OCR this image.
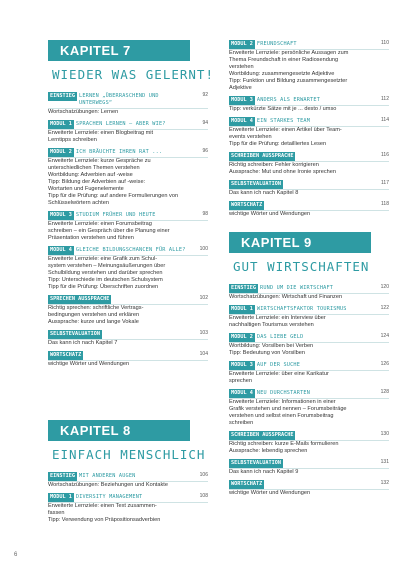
KAPITEL 7
WIEDER WAS GELERNT!
EINSTIEG LERNEN „ÜBERRASCHEND UND UNTERWEGS“
92
Wortschatzübungen: Lernen
MODUL 1 SPRACHEN LERNEN – ABER WIE?	94
Erweiterte Lernziele: einen Blogbeitrag mit
Lerntipps schreiben
MODUL 2 ICH BRÄUCHTE IHREN RAT ...	96
Erweiterte Lernziele: kurze Gespräche zu
unterschiedlichen Themen verstehen
Wortbildung: Adverbien auf -weise
Tipp: Bildung der Adverbien auf -weise:
Wortarten und Fugenelemente
Tipp für die Prüfung: auf andere Formulierungen von
Schlüsselwörtern achten
MODUL 3 STUDIUM FRÜHER UND HEUTE	98
Erweiterte Lernziele: einen Forumsbeitrag
schreiben – ein Gespräch über die Planung einer
Präsentation verstehen und führen
MODUL 4 GLEICHE BILDUNGSCHANCEN FÜR ALLE?	100
Erweiterte Lernziele: eine Grafik zum Schul-
system verstehen – Meinungsäußerungen über
Schulbildung verstehen und darüber sprechen
Tipp: Unterschiede im deutschen Schulsystem
Tipp für die Prüfung: Überschriften zuordnen
SPRECHEN AUSSPRACHE	102
Richtig sprechen: schriftliche Vertrags-
bedingungen verstehen und erklären
Aussprache: kurze und lange Vokale
SELBSTEVALUATION	103
Das kann ich nach Kapitel 7
WORTSCHATZ	104
wichtige Wörter und Wendungen
KAPITEL 8
EINFACH MENSCHLICH
EINSTIEG MIT ANDEREN AUGEN	106
Wortschatzübungen: Beziehungen und Kontakte
MODUL 1 DIVERSITY MANAGEMENT	108
Erweiterte Lernziele: einen Text zusammen-
fassen
Tipp: Verwendung von Präpositionsadverbien
MODUL 2 FREUNDSCHAFT	110
Erweiterte Lernziele: persönliche Aussagen zum
Thema Freundschaft in einer Radiosendung
verstehen
Wortbildung: zusammengesetzte Adjektive
Tipp: Funktion und Bildung zusammengesetzter
Adjektive
MODUL 3 ANDERS ALS ERWARTET	112
Tipp: verkürzte Sätze mit je ... desto / umso
MODUL 4 EIN STARKES TEAM	114
Erweiterte Lernziele: einen Artikel über Team-
events verstehen
Tipp für die Prüfung: detailliertes Lesen
SCHREIBEN AUSSPRACHE	116
Richtig schreiben: Fehler korrigieren
Aussprache: Mut und ohne Ironie sprechen
SELBSTEVALUATION	117
Das kann ich nach Kapitel 8
WORTSCHATZ	118
wichtige Wörter und Wendungen
KAPITEL 9
GUT WIRTSCHAFTEN
EINSTIEG RUND UM DIE WIRTSCHAFT	120
Wortschatzübungen: Wirtschaft und Finanzen
MODUL 1 WIRTSCHAFTSFAKTOR TOURISMUS	122
Erweiterte Lernziele: ein Interview über
nachhaltigen Tourismus verstehen
MODUL 2 DAS LIEBE GELD	124
Wortbildung: Vorsilben bei Verben
Tipp: Bedeutung von Vorsilben
MODUL 3 AUF DER SUCHE	126
Erweiterte Lernziele: über eine Karikatur
sprechen
MODUL 4 NEU DURCHSTARTEN	128
Erweiterte Lernziele: Informationen in einer
Grafik verstehen und nennen – Forumsbeiträge
verstehen und selbst einen Forumsbeitrag
schreiben
SCHREIBEN AUSSPRACHE	130
Richtig schreiben: kurze E-Mails formulieren
Aussprache: lebendig sprechen
SELBSTEVALUATION	131
Das kann ich nach Kapitel 9
WORTSCHATZ	132
wichtige Wörter und Wendungen
6
